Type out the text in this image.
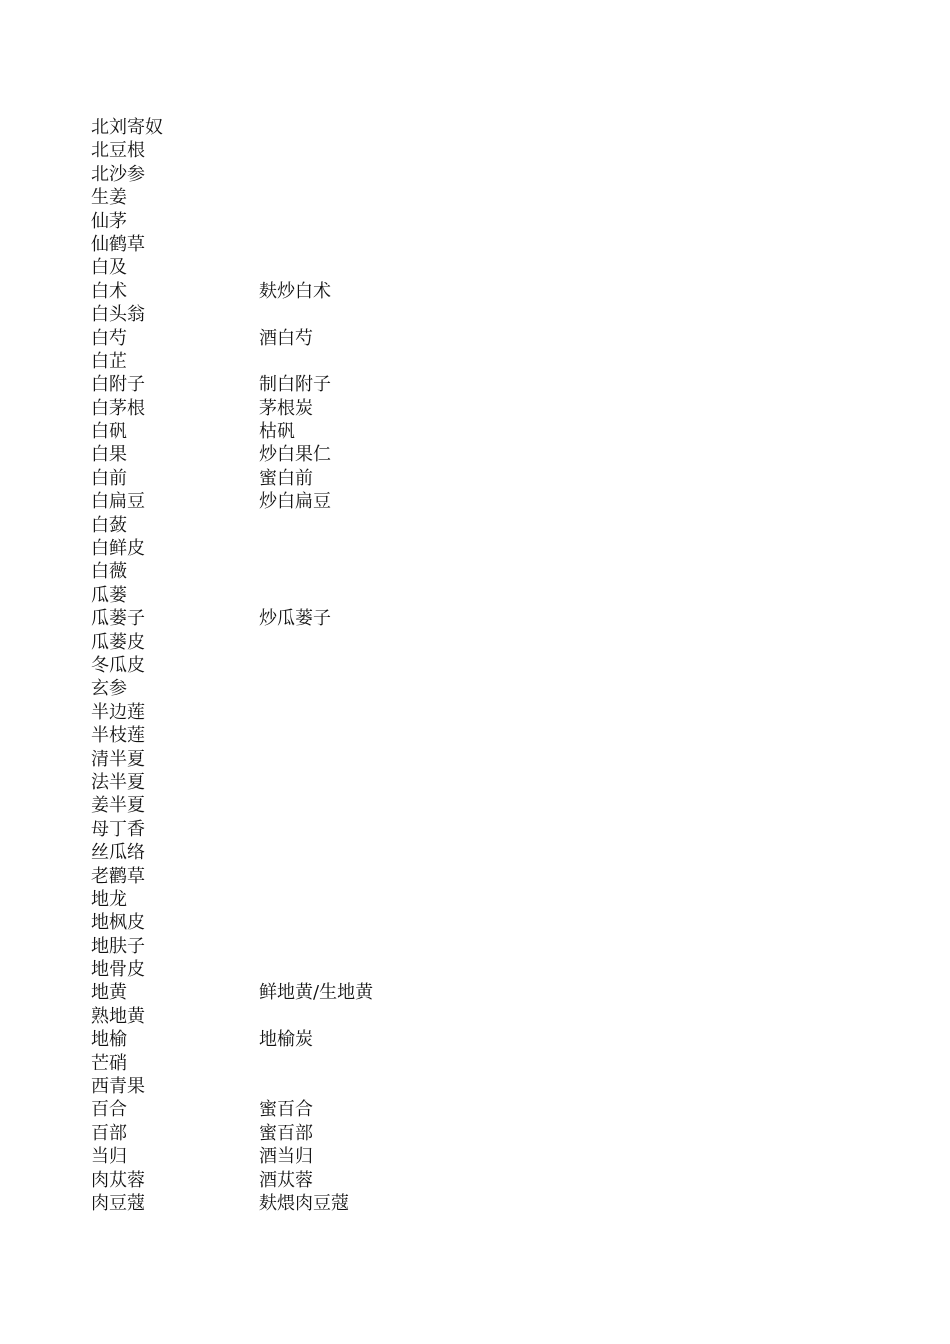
北刘寄奴
北豆根
北沙参
生姜
仙茅
仙鹤草
白及
白术	麸炒白术
白头翁
白芍	酒白芍
白芷
白附子	制白附子
白茅根	茅根炭
白矾	枯矾
白果	炒白果仁
白前	蜜白前
白扁豆	炒白扁豆
白蔹
白鲜皮
白薇
瓜蒌
瓜蒌子	炒瓜蒌子
瓜蒌皮
冬瓜皮
玄参
半边莲
半枝莲
清半夏
法半夏
姜半夏
母丁香
丝瓜络
老鹳草
地龙
地枫皮
地肤子
地骨皮
地黄	鲜地黄/生地黄
熟地黄
地榆	地榆炭
芒硝
西青果
百合	蜜百合
百部	蜜百部
当归	酒当归
肉苁蓉	酒苁蓉
肉豆蔻	麸煨肉豆蔻
